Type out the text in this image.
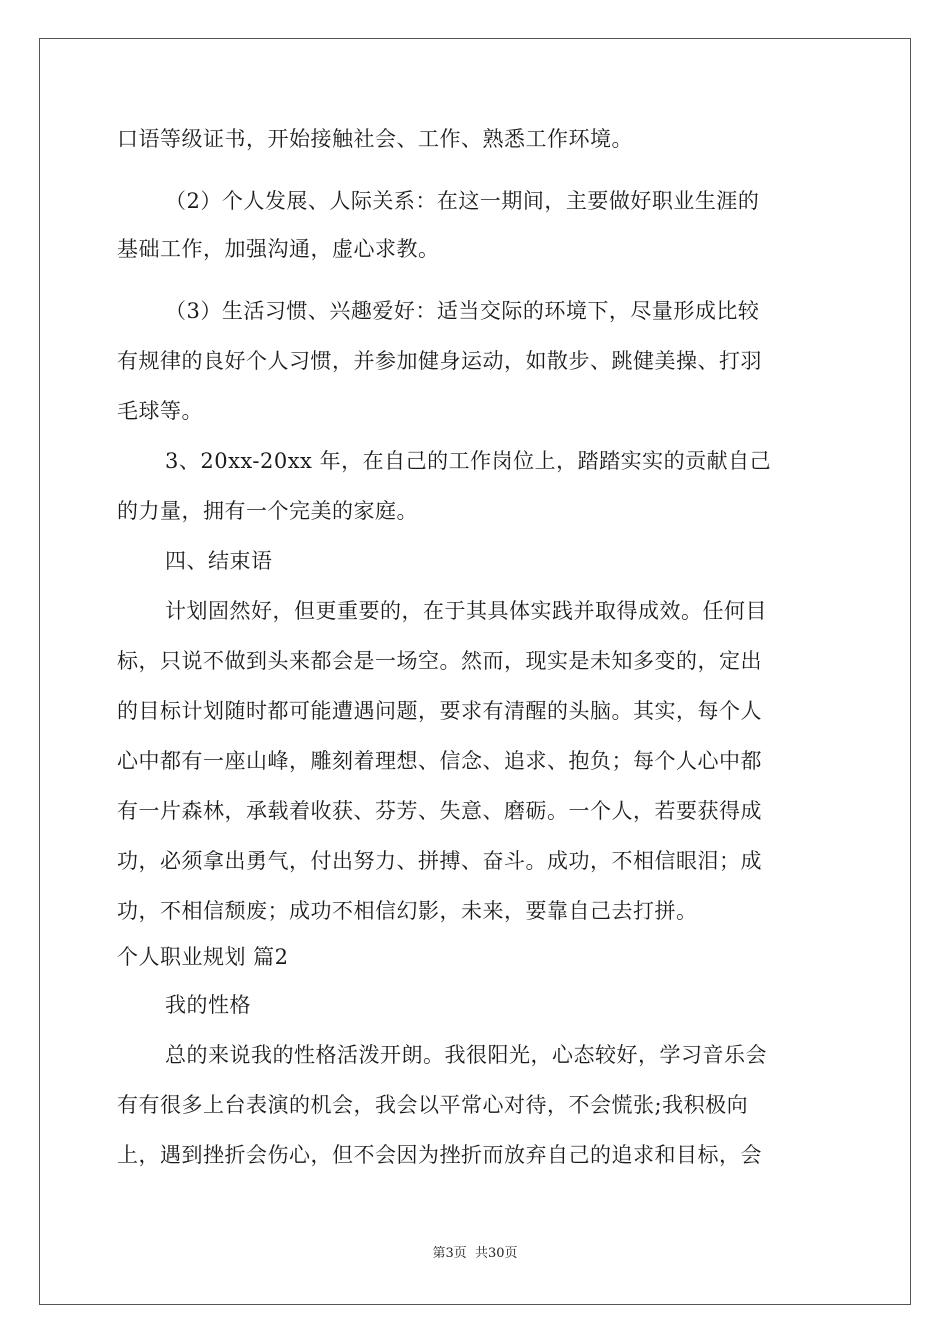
口语等级证书，开始接触社会、工作、熟悉工作环境。
（2）个人发展、人际关系：在这一期间，主要做好职业生涯的
基础工作，加强沟通，虚心求教。
（3）生活习惯、兴趣爱好：适当交际的环境下，尽量形成比较
有规律的良好个人习惯，并参加健身运动，如散步、跳健美操、打羽
毛球等。
3、20xx-20xx 年，在自己的工作岗位上，踏踏实实的贡献自己
的力量，拥有一个完美的家庭。
四、结束语
计划固然好，但更重要的，在于其具体实践并取得成效。任何目
标，只说不做到头来都会是一场空。然而，现实是未知多变的，定出
的目标计划随时都可能遭遇问题，要求有清醒的头脑。其实，每个人
心中都有一座山峰，雕刻着理想、信念、追求、抱负；每个人心中都
有一片森林，承载着收获、芬芳、失意、磨砺。一个人，若要获得成
功，必须拿出勇气，付出努力、拼搏、奋斗。成功，不相信眼泪；成
功，不相信颓废；成功不相信幻影，未来，要靠自己去打拼。
个人职业规划 篇2
我的性格
总的来说我的性格活泼开朗。我很阳光，心态较好，学习音乐会
有有很多上台表演的机会，我会以平常心对待，不会慌张;我积极向
上，遇到挫折会伤心，但不会因为挫折而放弃自己的追求和目标，会
第3页 共30页
